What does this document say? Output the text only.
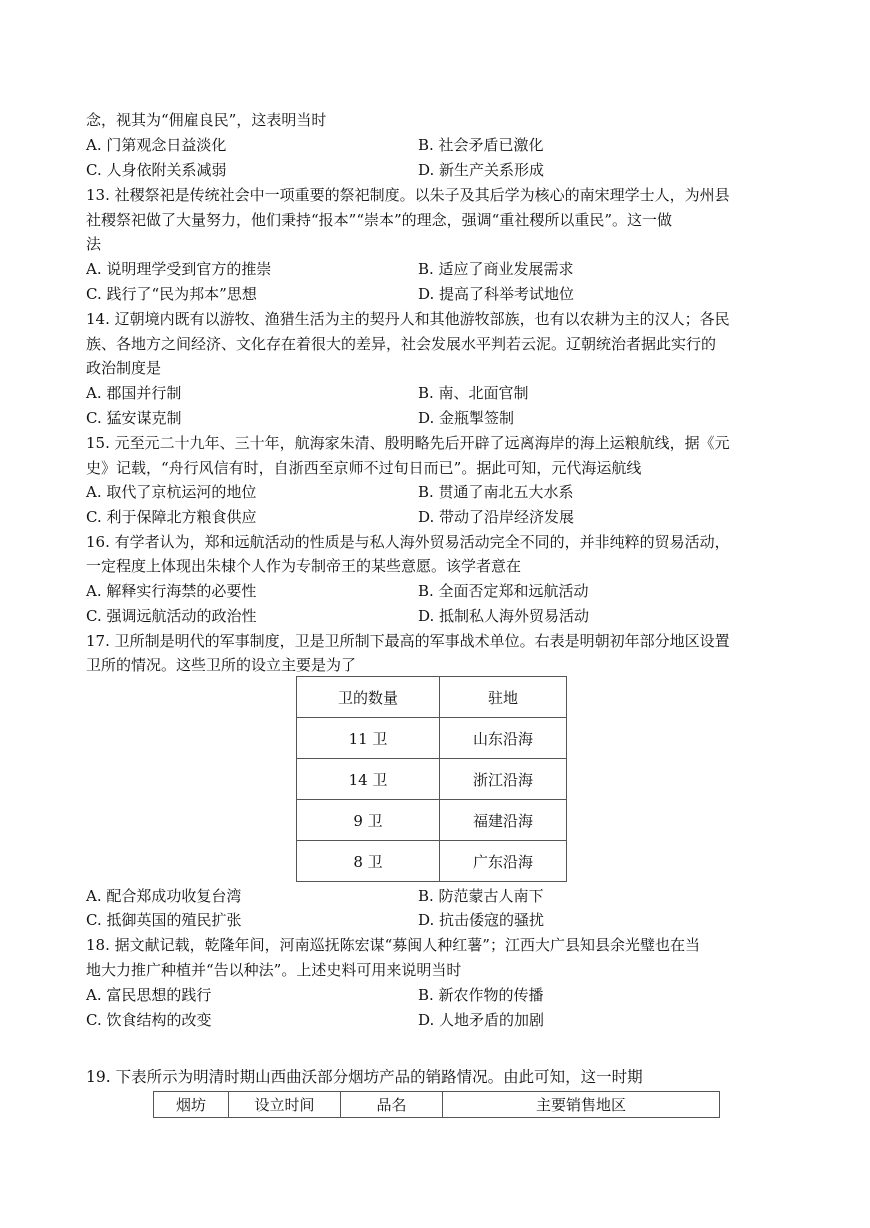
念，视其为“佣雇良民”，这表明当时
A. 门第观念日益淡化	B. 社会矛盾已激化
C. 人身依附关系减弱	D. 新生产关系形成
13. 社稷祭祀是传统社会中一项重要的祭祀制度。以朱子及其后学为核心的南宋理学士人，为州县
社稷祭祀做了大量努力，他们秉持“报本”“崇本”的理念，强调“重社稷所以重民”。这一做
法
A. 说明理学受到官方的推崇	B. 适应了商业发展需求
C. 践行了“民为邦本”思想	D. 提高了科举考试地位
14. 辽朝境内既有以游牧、渔猎生活为主的契丹人和其他游牧部族，也有以农耕为主的汉人；各民
族、各地方之间经济、文化存在着很大的差异，社会发展水平判若云泥。辽朝统治者据此实行的
政治制度是
A. 郡国并行制	B. 南、北面官制
C. 猛安谋克制	D. 金瓶掣签制
15. 元至元二十九年、三十年，航海家朱清、殷明略先后开辟了远离海岸的海上运粮航线，据《元
史》记载，“舟行风信有时，自浙西至京师不过旬日而已”。据此可知，元代海运航线
A. 取代了京杭运河的地位	B. 贯通了南北五大水系
C. 利于保障北方粮食供应	D. 带动了沿岸经济发展
16. 有学者认为，郑和远航活动的性质是与私人海外贸易活动完全不同的，并非纯粹的贸易活动，
一定程度上体现出朱棣个人作为专制帝王的某些意愿。该学者意在
A. 解释实行海禁的必要性	B. 全面否定郑和远航活动
C. 强调远航活动的政治性	D. 抵制私人海外贸易活动
17. 卫所制是明代的军事制度，卫是卫所制下最高的军事战术单位。右表是明朝初年部分地区设置
卫所的情况。这些卫所的设立主要是为了
卫的数量	驻地
11 卫	山东沿海
14 卫	浙江沿海
9 卫	福建沿海
8 卫	广东沿海
A. 配合郑成功收复台湾	B. 防范蒙古人南下
C. 抵御英国的殖民扩张	D. 抗击倭寇的骚扰
18. 据文献记载，乾隆年间，河南巡抚陈宏谋“募闽人种红薯”；江西大广县知县余光璧也在当
地大力推广种植并“告以种法”。上述史料可用来说明当时
A. 富民思想的践行	B. 新农作物的传播
C. 饮食结构的改变	D. 人地矛盾的加剧
19. 下表所示为明清时期山西曲沃部分烟坊产品的销路情况。由此可知，这一时期
烟坊	设立时间	品名	主要销售地区
